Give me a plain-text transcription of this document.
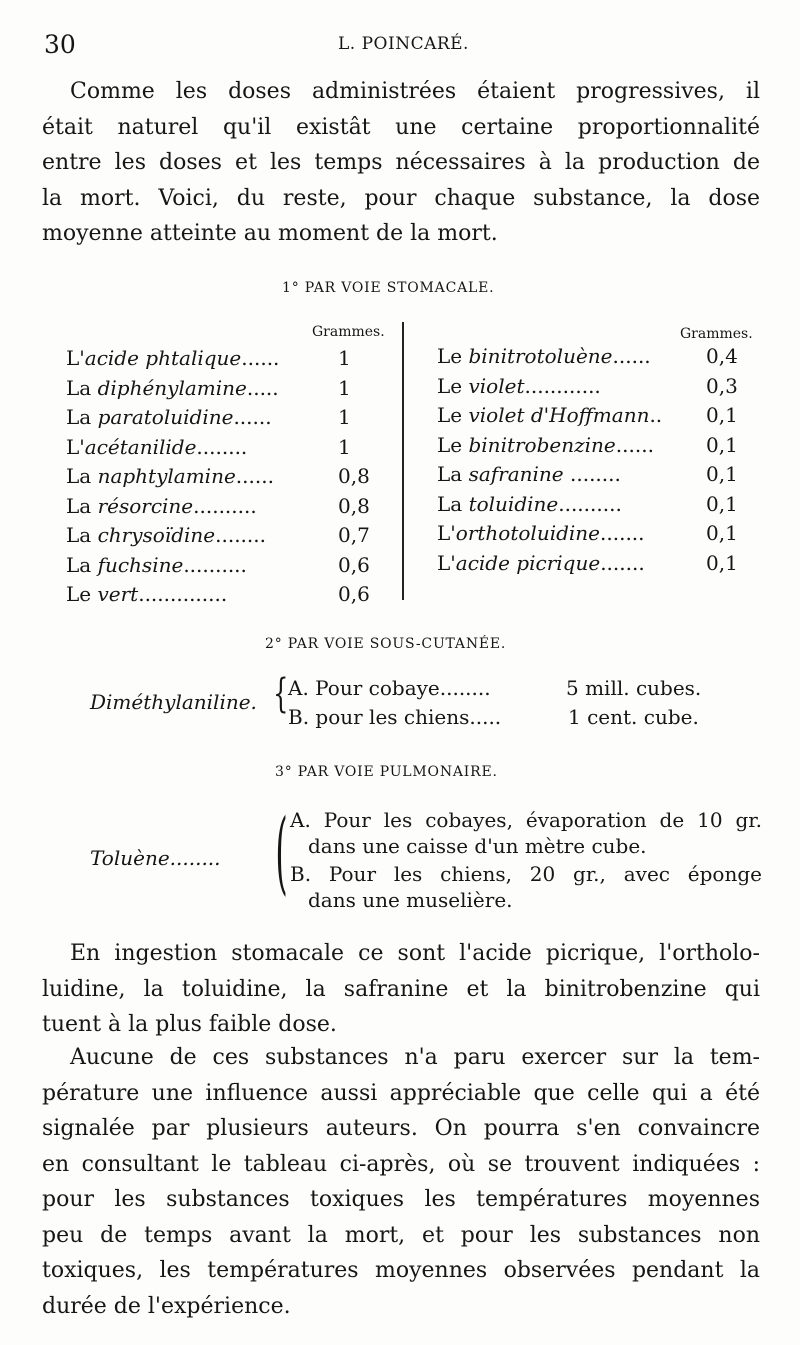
30	L. POINCARÉ.
Comme les doses administrées étaient progressives, il
était naturel qu'il existât une certaine proportionnalité
entre les doses et les temps nécessaires à la production de
la mort. Voici, du reste, pour chaque substance, la dose
moyenne atteinte au moment de la mort.
1° PAR VOIE STOMACALE.
Grammes.	Grammes.
L'acide phtalique......	1
La diphénylamine.....	1
La paratoluidine......	1
L'acétanilide........	1
La naphtylamine......	0,8
La résorcine..........	0,8
La chrysoïdine........	0,7
La fuchsine..........	0,6
Le vert..............	0,6
Le binitrotoluène......	0,4
Le violet............	0,3
Le violet d'Hoffmann.. 0,1
Le binitrobenzine......	0,1
La safranine ........	0,1
La toluidine..........	0,1
L'orthotoluidine.......	0,1
L'acide picrique.......	0,1
2° PAR VOIE SOUS-CUTANÉE.
Diméthylaniline. { A. Pour cobaye........	5 mill. cubes.
B. pour les chiens.....	1 cent. cube.
3° PAR VOIE PULMONAIRE.
Toluène........ ( A. Pour les cobayes, évaporation de 10 gr.
dans une caisse d'un mètre cube.
B. Pour les chiens, 20 gr., avec éponge
dans une muselière.
En ingestion stomacale ce sont l'acide picrique, l'ortholo-
luidine, la toluidine, la safranine et la binitrobenzine qui
tuent à la plus faible dose.
Aucune de ces substances n'a paru exercer sur la tem-
pérature une influence aussi appréciable que celle qui a été
signalée par plusieurs auteurs. On pourra s'en convaincre
en consultant le tableau ci-après, où se trouvent indiquées :
pour les substances toxiques les températures moyennes
peu de temps avant la mort, et pour les substances non
toxiques, les températures moyennes observées pendant la
durée de l'expérience.
